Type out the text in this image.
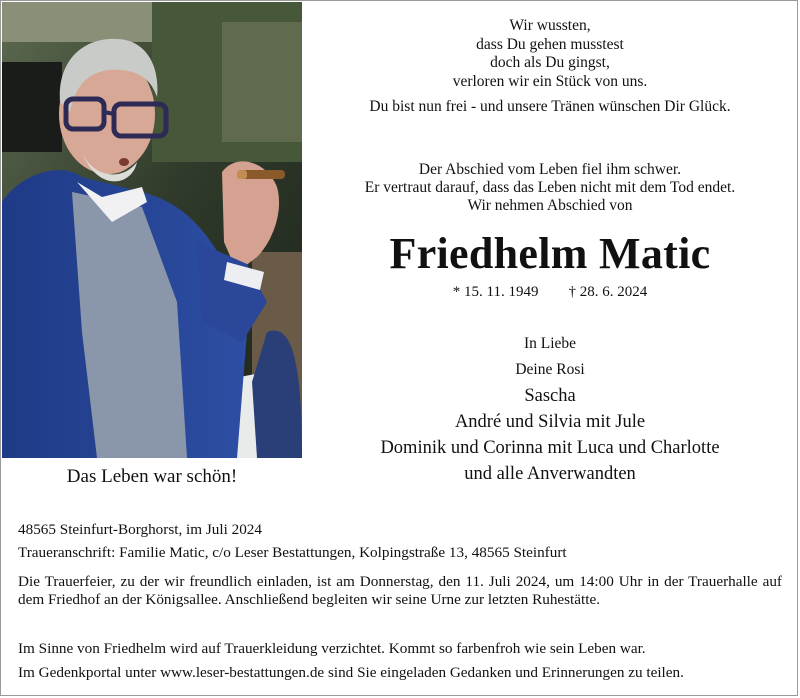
Das Leben war schön!
Wir wussten,
dass Du gehen musstest
doch als Du gingst,
verloren wir ein Stück von uns.
Du bist nun frei - und unsere Tränen wünschen Dir Glück.
Der Abschied vom Leben fiel ihm schwer.
Er vertraut darauf, dass das Leben nicht mit dem Tod endet.
Wir nehmen Abschied von
Friedhelm Matic
* 15. 11. 1949 † 28. 6. 2024
In Liebe
Deine Rosi
Sascha
André und Silvia mit Jule
Dominik und Corinna mit Luca und Charlotte
und alle Anverwandten
48565 Steinfurt-Borghorst, im Juli 2024
Traueranschrift: Familie Matic, c/o Leser Bestattungen, Kolpingstraße 13, 48565 Steinfurt
Die Trauerfeier, zu der wir freundlich einladen, ist am Donnerstag, den 11. Juli 2024, um 14:00 Uhr in der Trauerhalle auf dem Friedhof an der Königsallee. Anschließend begleiten wir seine Urne zur letzten Ruhestätte.
Im Sinne von Friedhelm wird auf Trauerkleidung verzichtet. Kommt so farbenfroh wie sein Leben war.
Im Gedenkportal unter www.leser-bestattungen.de sind Sie eingeladen Gedanken und Erinnerungen zu teilen.
